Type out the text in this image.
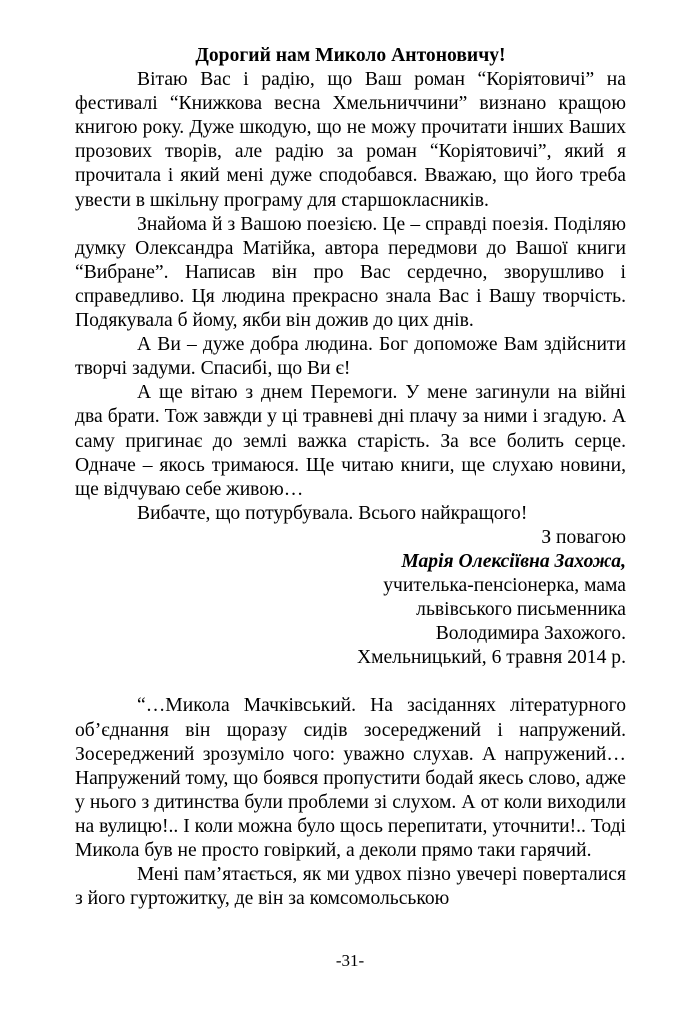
Дорогий нам Миколо Антоновичу!

Вітаю Вас і радію, що Ваш роман “Коріятовичі” на фестивалі “Книжкова весна Хмельниччини” визнано кращою книгою року. Дуже шкодую, що не можу прочитати інших Ваших прозових творів, але радію за роман “Коріятовичі”, який я прочитала і який мені дуже сподобався. Вважаю, що його треба увести в шкільну програму для старшокласників.

Знайома й з Вашою поезією. Це – справді поезія. Поділяю думку Олександра Матійка, автора передмови до Вашої книги “Вибране”. Написав він про Вас сердечно, зворушливо і справедливо. Ця людина прекрасно знала Вас і Вашу творчість. Подякувала б йому, якби він дожив до цих днів.

А Ви – дуже добра людина. Бог допоможе Вам здійснити творчі задуми. Спасибі, що Ви є!

А ще вітаю з днем Перемоги. У мене загинули на війні два брати. Тож завжди у ці травневі дні плачу за ними і згадую. А саму пригинає до землі важка старість. За все болить серце. Одначе – якось тримаюся. Ще читаю книги, ще слухаю новини, ще відчуваю себе живою…

Вибачте, що потурбувала. Всього найкращого!

З повагою

Марія Олексіївна Захожа,

учителька-пенсіонерка, мама

львівського письменника

Володимира Захожого.

Хмельницький, 6 травня 2014 р.

“…Микола Мачківський. На засіданнях літературного об’єднання він щоразу сидів зосереджений і напружений. Зосереджений зрозуміло чого: уважно слухав. А напружений… Напружений тому, що боявся пропустити бодай якесь слово, адже у нього з дитинства були проблеми зі слухом. А от коли виходили на вулицю!.. І коли можна було щось перепитати, уточнити!.. Тоді Микола був не просто говіркий, а деколи прямо таки гарячий.

Мені пам’ятається, як ми удвох пізно увечері поверталися з його гуртожитку, де він за комсомольською

-31-
